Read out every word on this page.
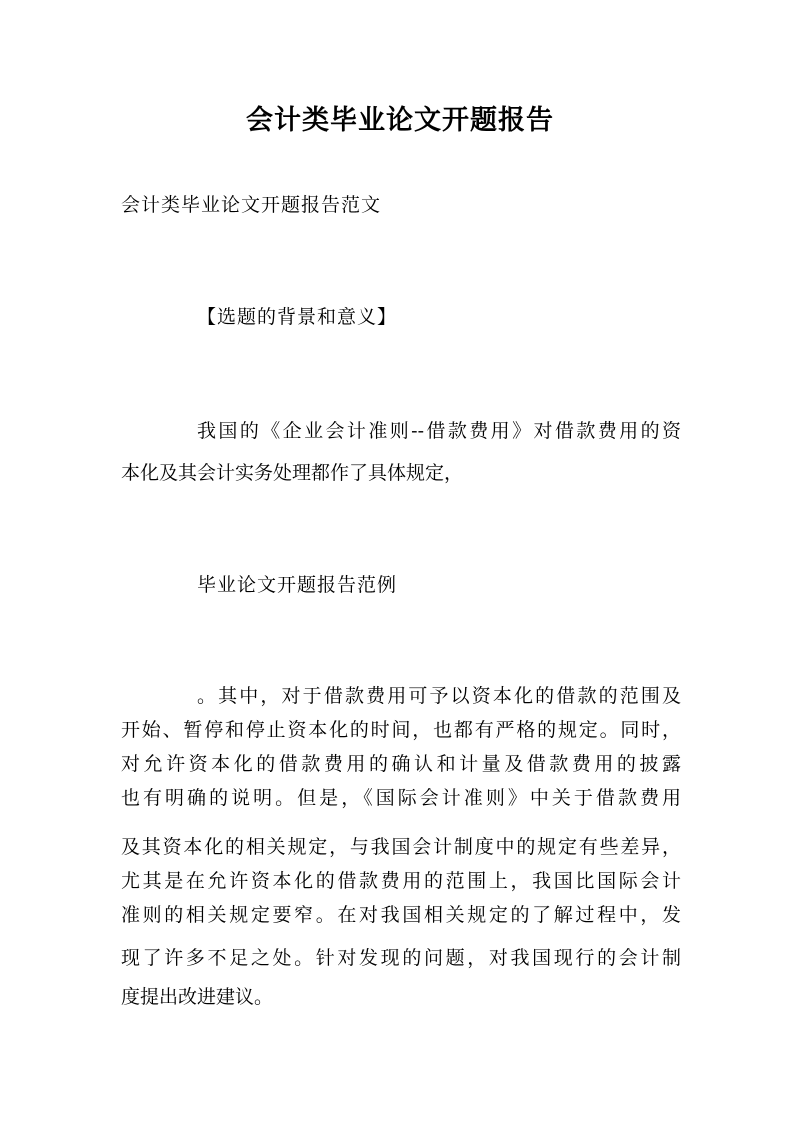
会计类毕业论文开题报告

会计类毕业论文开题报告范文

【选题的背景和意义】

我国的《企业会计准则--借款费用》对借款费用的资

本化及其会计实务处理都作了具体规定，

毕业论文开题报告范例

。其中，对于借款费用可予以资本化的借款的范围及

开始、暂停和停止资本化的时间，也都有严格的规定。同时，

对允许资本化的借款费用的确认和计量及借款费用的披露

也有明确的说明。但是，《国际会计准则》中关于借款费用

及其资本化的相关规定，与我国会计制度中的规定有些差异，

尤其是在允许资本化的借款费用的范围上，我国比国际会计

准则的相关规定要窄。在对我国相关规定的了解过程中，发

现了许多不足之处。针对发现的问题，对我国现行的会计制

度提出改进建议。
